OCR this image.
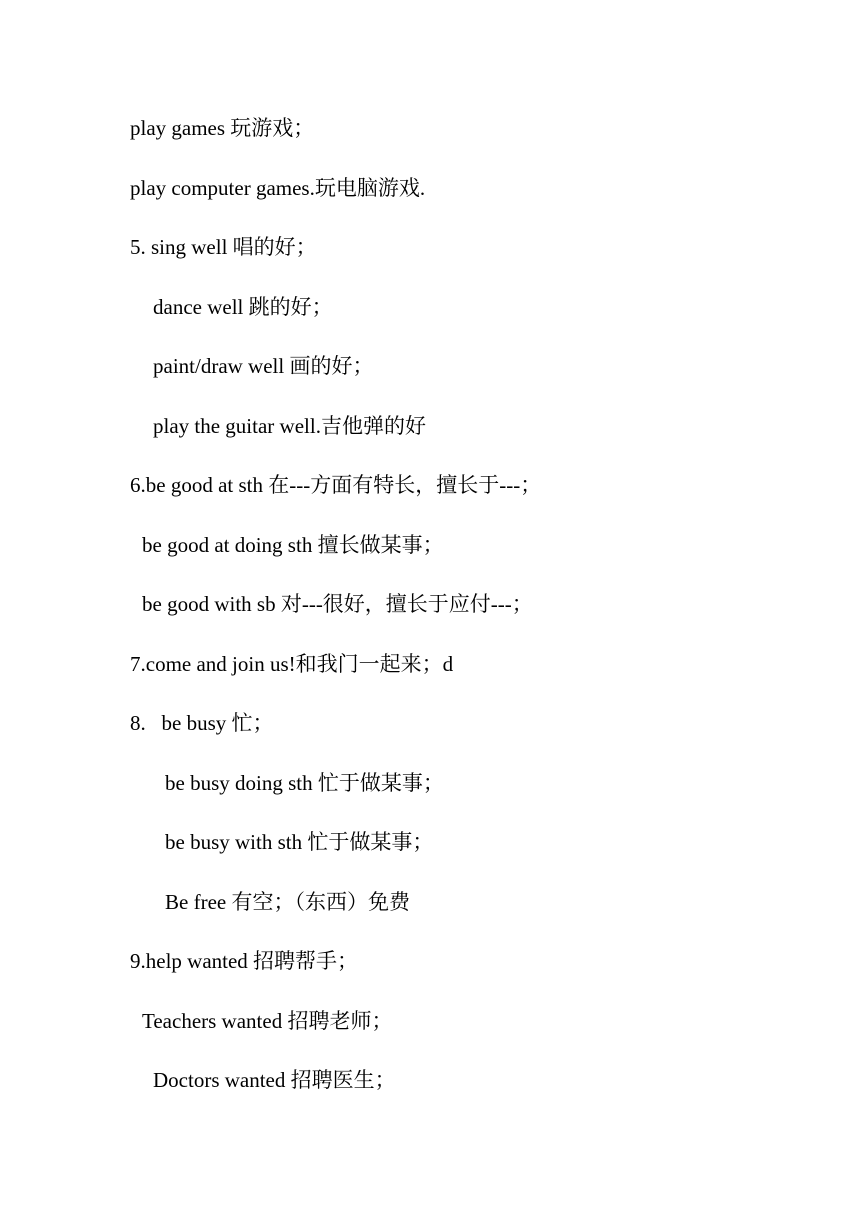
play games 玩游戏；
play computer games.玩电脑游戏.
5. sing well 唱的好；
dance well 跳的好；
paint/draw well 画的好；
play the guitar well.吉他弹的好
6.be good at sth 在---方面有特长，擅长于---；
be good at doing sth 擅长做某事；
be good with sb 对---很好，擅长于应付---；
7.come and join us!和我门一起来；d
8.   be busy 忙；
be busy doing sth 忙于做某事；
be busy with sth 忙于做某事；
Be free 有空；（东西）免费
9.help wanted 招聘帮手；
Teachers wanted 招聘老师；
Doctors wanted 招聘医生；
